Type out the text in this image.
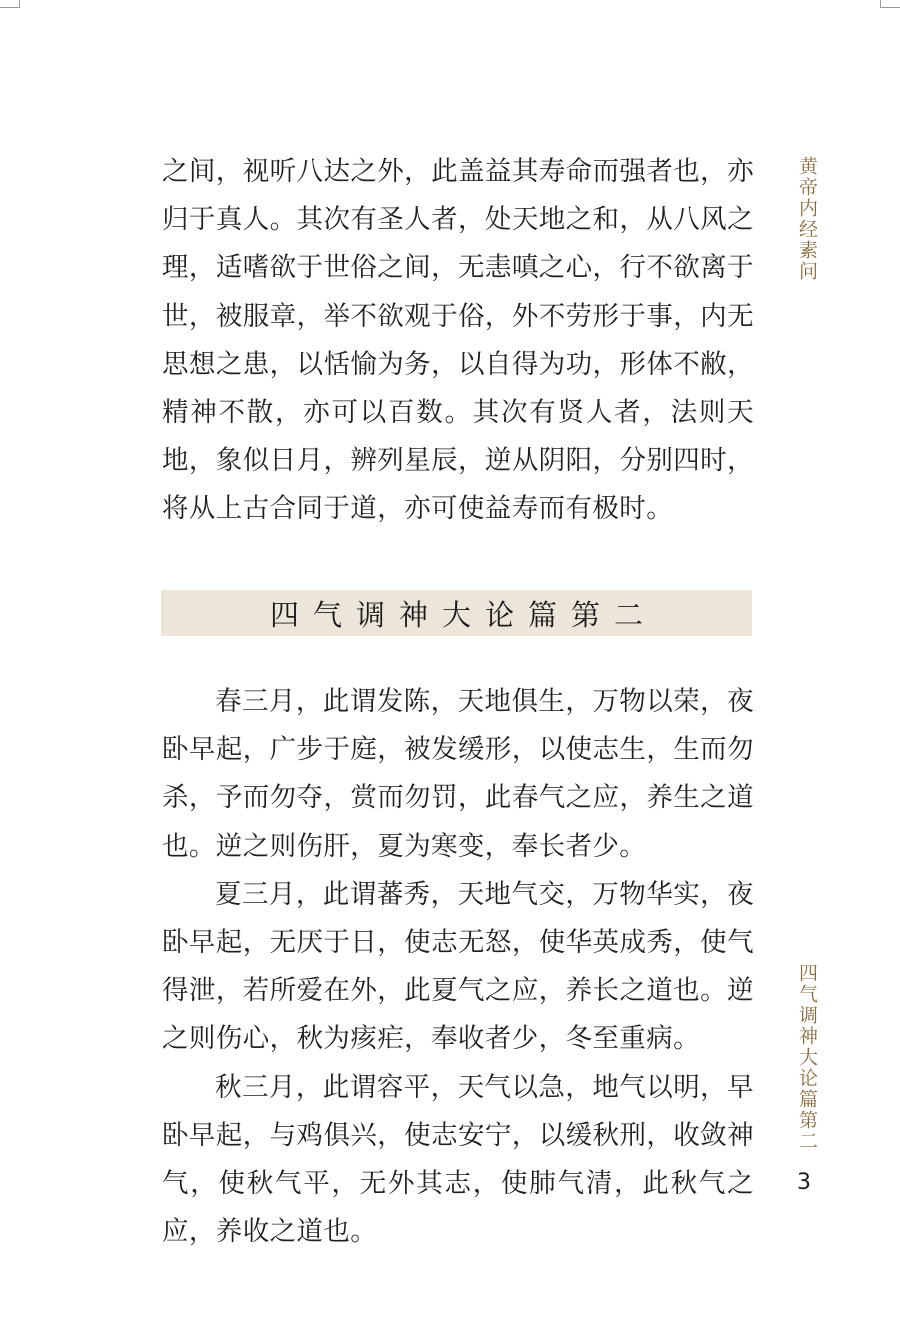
之间，视听八达之外，此盖益其寿命而强者也，亦归于真人。其次有圣人者，处天地之和，从八风之理，适嗜欲于世俗之间，无恚嗔之心，行不欲离于世，被服章，举不欲观于俗，外不劳形于事，内无思想之患，以恬愉为务，以自得为功，形体不敝，精神不散，亦可以百数。其次有贤人者，法则天地，象似日月，辨列星辰，逆从阴阳，分别四时，将从上古合同于道，亦可使益寿而有极时。

四气调神大论篇第二

春三月，此谓发陈，天地俱生，万物以荣，夜卧早起，广步于庭，被发缓形，以使志生，生而勿杀，予而勿夺，赏而勿罚，此春气之应，养生之道也。逆之则伤肝，夏为寒变，奉长者少。

夏三月，此谓蕃秀，天地气交，万物华实，夜卧早起，无厌于日，使志无怒，使华英成秀，使气得泄，若所爱在外，此夏气之应，养长之道也。逆之则伤心，秋为痎疟，奉收者少，冬至重病。

秋三月，此谓容平，天气以急，地气以明，早卧早起，与鸡俱兴，使志安宁，以缓秋刑，收敛神气，使秋气平，无外其志，使肺气清，此秋气之应，养收之道也。

黄帝内经素问
四气调神大论篇第二
3
